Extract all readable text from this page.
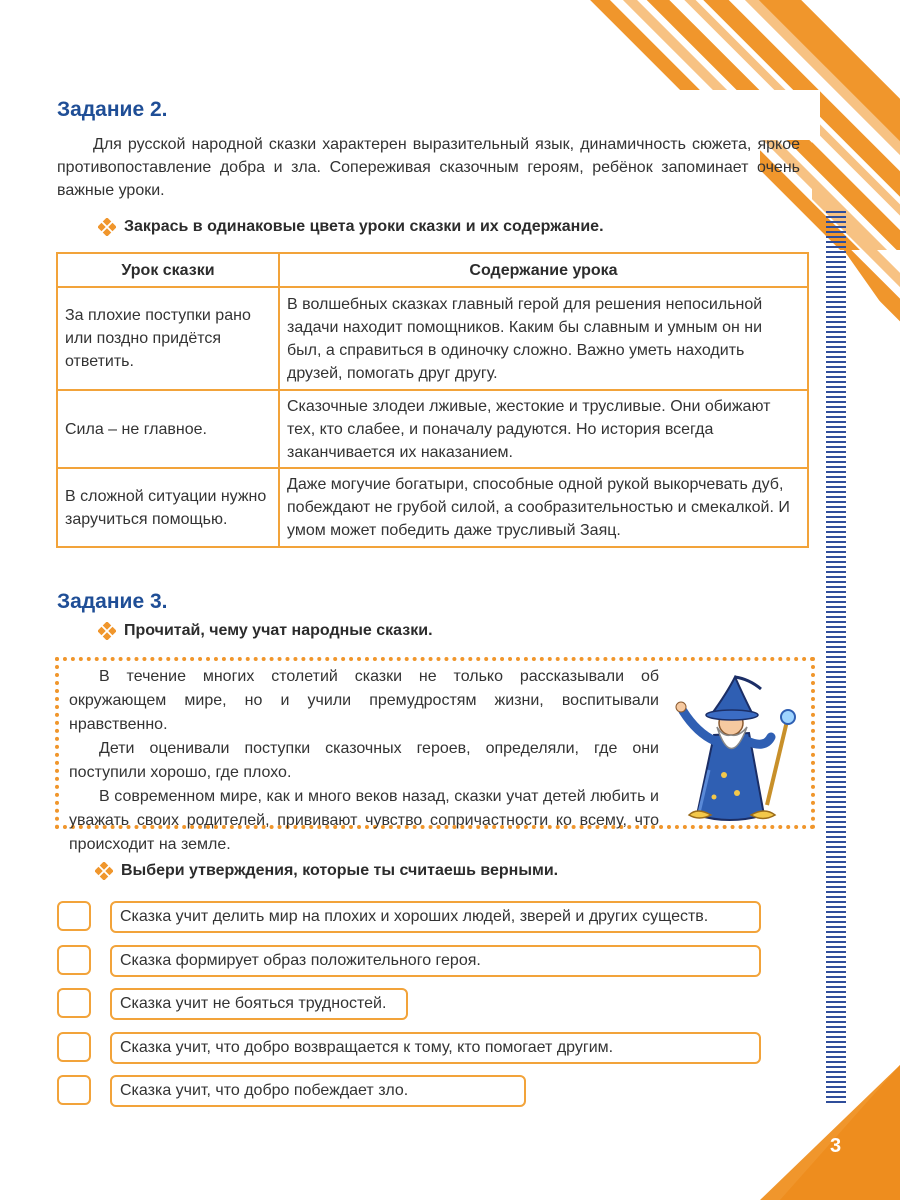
Задание 2.

Для русской народной сказки характерен выразительный язык, динамичность сюжета, яркое противопоставление добра и зла. Сопереживая сказочным героям, ребёнок запоминает очень важные уроки.

Закрась в одинаковые цвета уроки сказки и их содержание.
Урок сказки	Содержание урока
За плохие поступки рано или поздно придётся ответить.	В волшебных сказках главный герой для решения непосильной задачи находит помощников. Каким бы славным и умным он ни был, а справиться в одиночку сложно. Важно уметь находить друзей, помогать друг другу.
Сила – не главное.	Сказочные злодеи лживые, жестокие и трусливые. Они обижают тех, кто слабее, и поначалу радуются. Но история всегда заканчивается их наказанием.
В сложной ситуации нужно заручиться помощью.	Даже могучие богатыри, способные одной рукой выкорчевать дуб, побеждают не грубой силой, а сообразительностью и смекалкой. И умом может победить даже трусливый Заяц.
Задание 3.
Прочитай, чему учат народные сказки.

В течение многих столетий сказки не только рассказывали об окружающем мире, но и учили премудростям жизни, воспитывали нравственно.

Дети оценивали поступки сказочных героев, определяли, где они поступили хорошо, где плохо.

В современном мире, как и много веков назад, сказки учат детей любить и уважать своих родителей, прививают чувство сопричастности ко всему, что происходит на земле.

Выбери утверждения, которые ты считаешь верными.
Сказка учит делить мир на плохих и хороших людей, зверей и других существ.
Сказка формирует образ положительного героя.
Сказка учит не бояться трудностей.
Сказка учит, что добро возвращается к тому, кто помогает другим.
Сказка учит, что добро побеждает зло.
3
